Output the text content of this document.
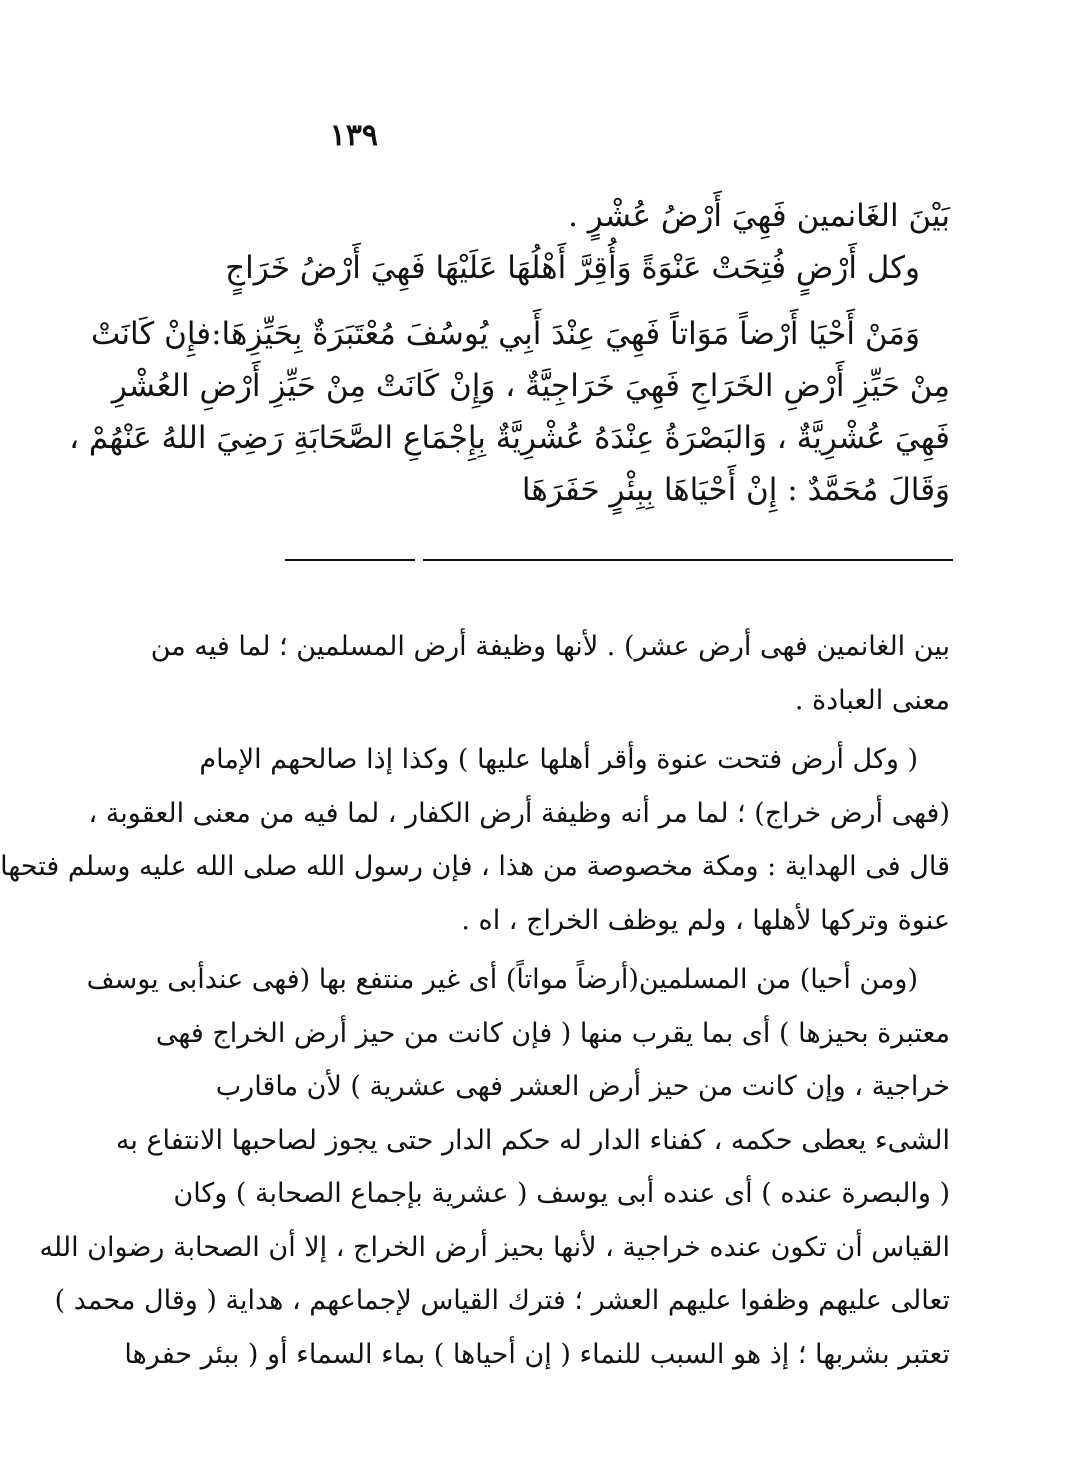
١٣٩
بَيْنَ الغَانمين فَهِيَ أَرْضُ عُشْرٍ .
وكل أَرْضٍ فُتِحَتْ عَنْوَةً وَأُقِرَّ أَهْلُهَا عَلَيْهَا فَهِيَ أَرْضُ خَرَاجٍ
وَمَنْ أَحْيَا أَرْضاً مَوَاتاً فَهِيَ عِنْدَ أَبِي يُوسُفَ مُعْتَبَرَةٌ بِحَيِّزِهَا:فإِنْ كَانَتْ
مِنْ حَيِّزِ أَرْضِ الخَرَاجِ فَهِيَ خَرَاجِيَّةٌ ، وَإِنْ كَانَتْ مِنْ حَيِّزِ أَرْضِ العُشْرِ
فَهِيَ عُشْرِيَّةٌ ، وَالبَصْرَةُ عِنْدَهُ عُشْرِيَّةٌ بِإِجْمَاعِ الصَّحَابَةِ رَضِيَ اللهُ عَنْهُمْ ،
وَقَالَ مُحَمَّدٌ : إِنْ أَحْيَاهَا بِبِئْرٍ حَفَرَهَا
بين الغانمين فهى أرض عشر) . لأنها وظيفة أرض المسلمين ؛ لما فيه من
معنى العبادة .
( وكل أرض فتحت عنوة وأقر أهلها عليها ) وكذا إذا صالحهم الإمام
(فهى أرض خراج) ؛ لما مر أنه وظيفة أرض الكفار ، لما فيه من معنى العقوبة ،
قال فى الهداية : ومكة مخصوصة من هذا ، فإن رسول الله صلى الله عليه وسلم فتحها
عنوة وتركها لأهلها ، ولم يوظف الخراج ، اه .
(ومن أحيا) من المسلمين(أرضاً مواتاً) أى غير منتفع بها (فهى عندأبى يوسف
معتبرة بحيزها ) أى بما يقرب منها ( فإن كانت من حيز أرض الخراج فهى
خراجية ، وإن كانت من حيز أرض العشر فهى عشرية ) لأن ماقارب
الشىء يعطى حكمه ، كفناء الدار له حكم الدار حتى يجوز لصاحبها الانتفاع به
( والبصرة عنده ) أى عنده أبى يوسف ( عشرية بإجماع الصحابة ) وكان
القياس أن تكون عنده خراجية ، لأنها بحيز أرض الخراج ، إلا أن الصحابة رضوان الله
تعالى عليهم وظفوا عليهم العشر ؛ فترك القياس لإجماعهم ، هداية ( وقال محمد )
تعتبر بشربها ؛ إذ هو السبب للنماء ( إن أحياها ) بماء السماء أو ( ببئر حفرها
